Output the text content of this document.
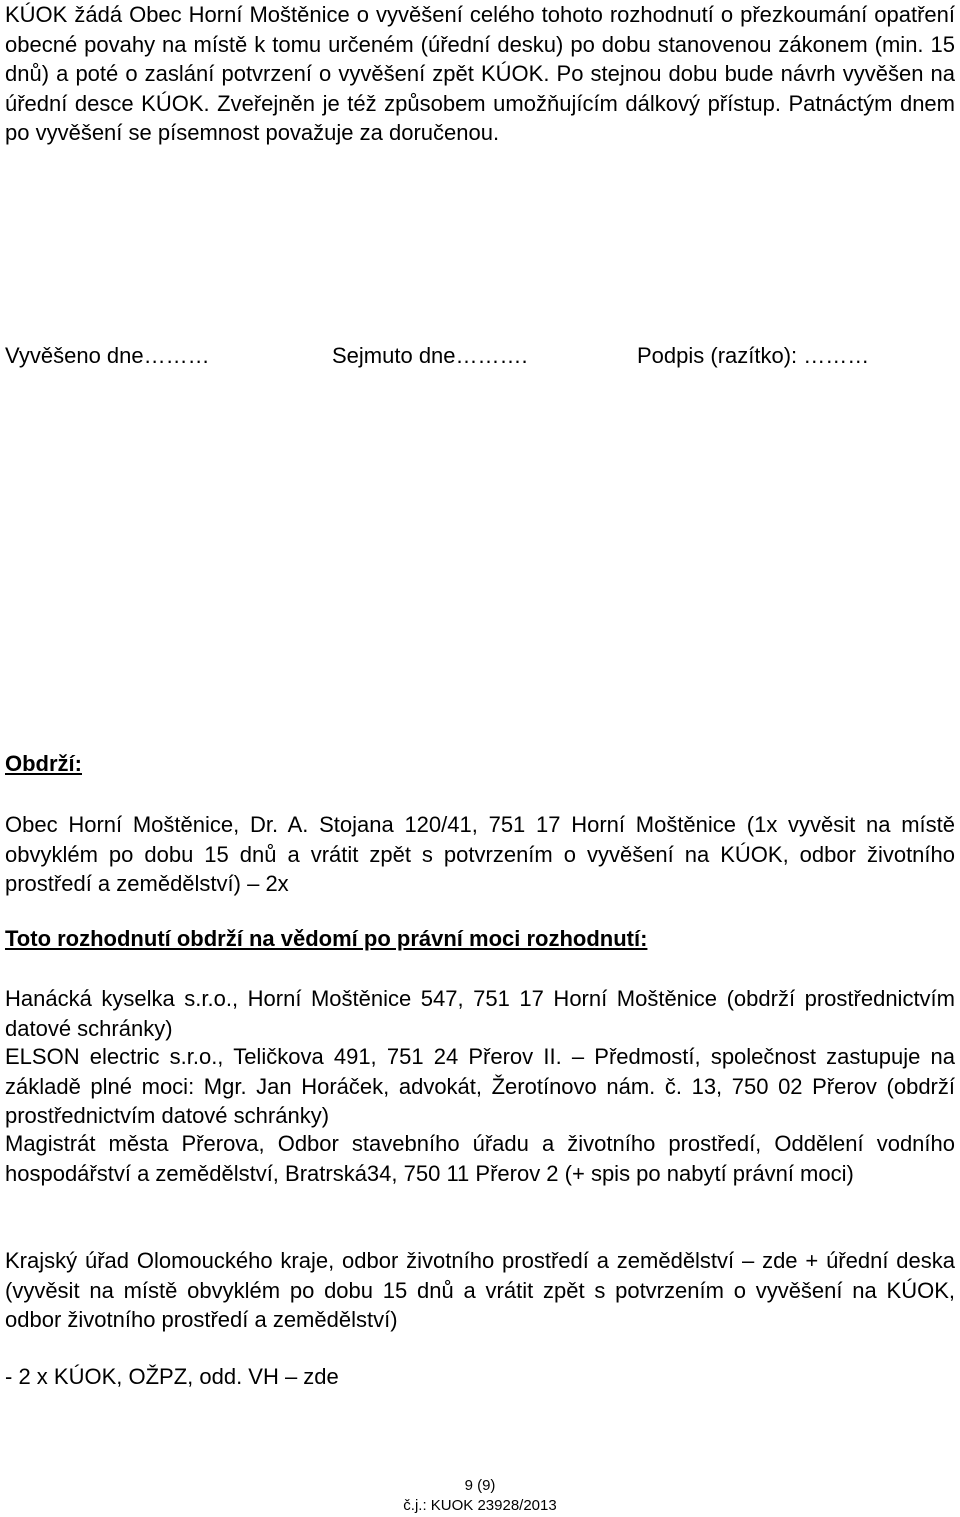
KÚOK žádá Obec Horní Moštěnice o vyvěšení celého tohoto rozhodnutí o přezkoumání opatření obecné povahy na místě k tomu určeném (úřední desku) po dobu stanovenou zákonem (min. 15 dnů) a poté o zaslání potvrzení o vyvěšení zpět KÚOK. Po stejnou dobu bude návrh vyvěšen na úřední desce KÚOK. Zveřejněn je též způsobem umožňujícím dálkový přístup. Patnáctým dnem po vyvěšení se písemnost považuje za doručenou.

Vyvěšeno dne………	Sejmuto dne……….	Podpis (razítko): ………

Obdrží:

Obec Horní Moštěnice, Dr. A. Stojana 120/41, 751 17 Horní Moštěnice (1x vyvěsit na místě obvyklém po dobu 15 dnů a vrátit zpět s potvrzením o vyvěšení na KÚOK, odbor životního prostředí a zemědělství) – 2x

Toto rozhodnutí obdrží na vědomí po právní moci rozhodnutí:

Hanácká kyselka s.r.o., Horní Moštěnice 547, 751 17 Horní Moštěnice (obdrží prostřednictvím datové schránky)

ELSON electric s.r.o., Teličkova 491, 751 24 Přerov II. – Předmostí, společnost zastupuje na základě plné moci: Mgr. Jan Horáček, advokát, Žerotínovo nám. č. 13, 750 02 Přerov (obdrží prostřednictvím datové schránky)

Magistrát města Přerova, Odbor stavebního úřadu a životního prostředí, Oddělení vodního hospodářství a zemědělství, Bratrská34, 750 11 Přerov 2 (+ spis po nabytí právní moci)

Krajský úřad Olomouckého kraje, odbor životního prostředí a zemědělství – zde + úřední deska (vyvěsit na místě obvyklém po dobu 15 dnů a vrátit zpět s potvrzením o vyvěšení na KÚOK, odbor životního prostředí a zemědělství)

- 2 x KÚOK, OŽPZ, odd. VH – zde

9 (9)
č.j.: KUOK 23928/2013
